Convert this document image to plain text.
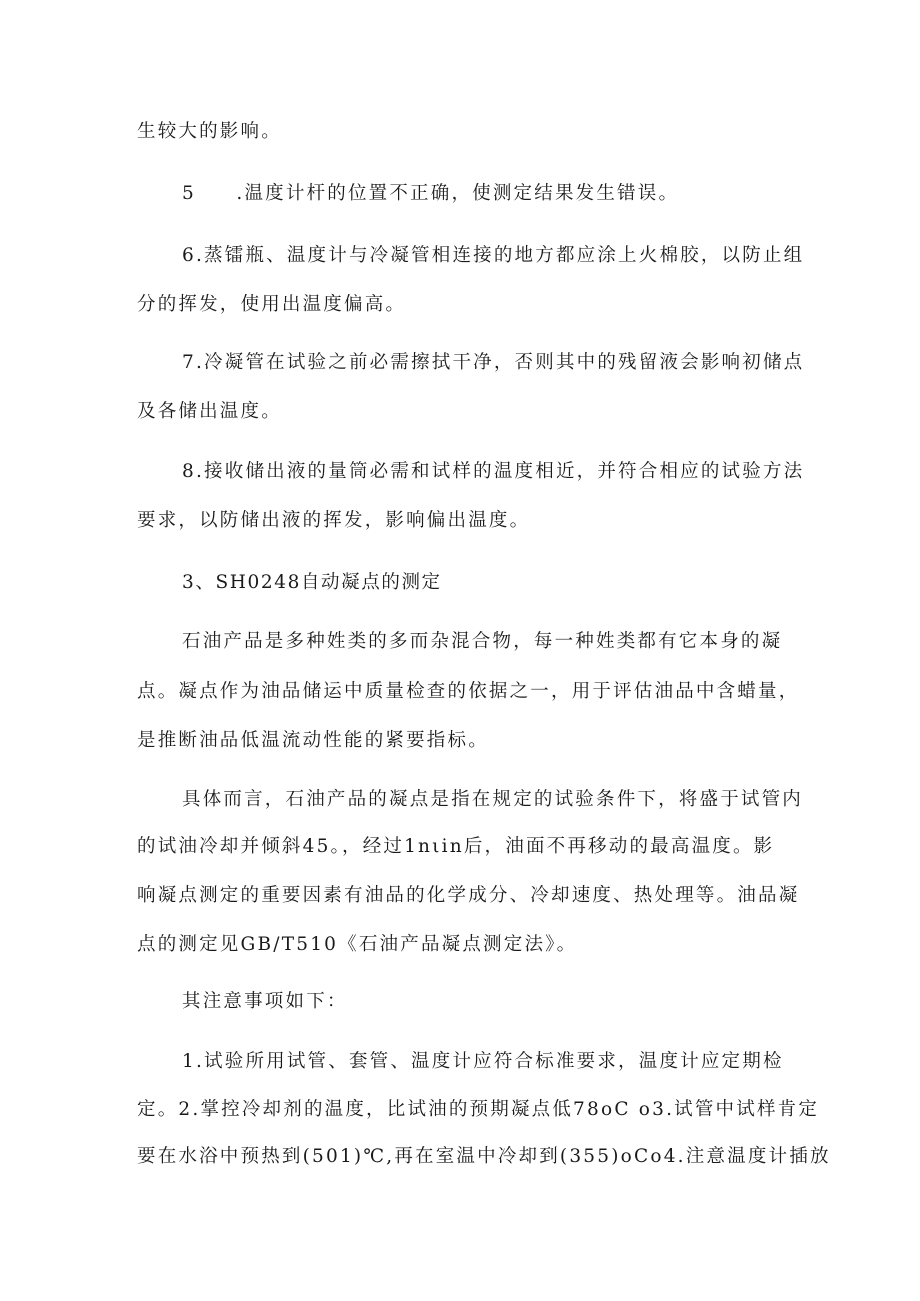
生较大的影响。
5     .温度计杆的位置不正确，使测定结果发生错误。
6.蒸镭瓶、温度计与冷凝管相连接的地方都应涂上火棉胶，以防止组
分的挥发，使用出温度偏高。
7.冷凝管在试验之前必需擦拭干净，否则其中的残留液会影响初储点
及各储出温度。
8.接收储出液的量筒必需和试样的温度相近，并符合相应的试验方法
要求，以防储出液的挥发，影响偏出温度。
3、SH0248自动凝点的测定
石油产品是多种姓类的多而杂混合物，每一种姓类都有它本身的凝
点。凝点作为油品储运中质量检查的依据之一，用于评估油品中含蜡量，
是推断油品低温流动性能的紧要指标。
具体而言，石油产品的凝点是指在规定的试验条件下，将盛于试管内
的试油冷却并倾斜45。，经过1nιin后，油面不再移动的最高温度。影
响凝点测定的重要因素有油品的化学成分、冷却速度、热处理等。油品凝
点的测定见GB/T510《石油产品凝点测定法》。
其注意事项如下：
1.试验所用试管、套管、温度计应符合标准要求，温度计应定期检
定。2.掌控冷却剂的温度，比试油的预期凝点低78oC o3.试管中试样肯定
要在水浴中预热到(501)℃,再在室温中冷却到(355)oCo4.注意温度计插放
